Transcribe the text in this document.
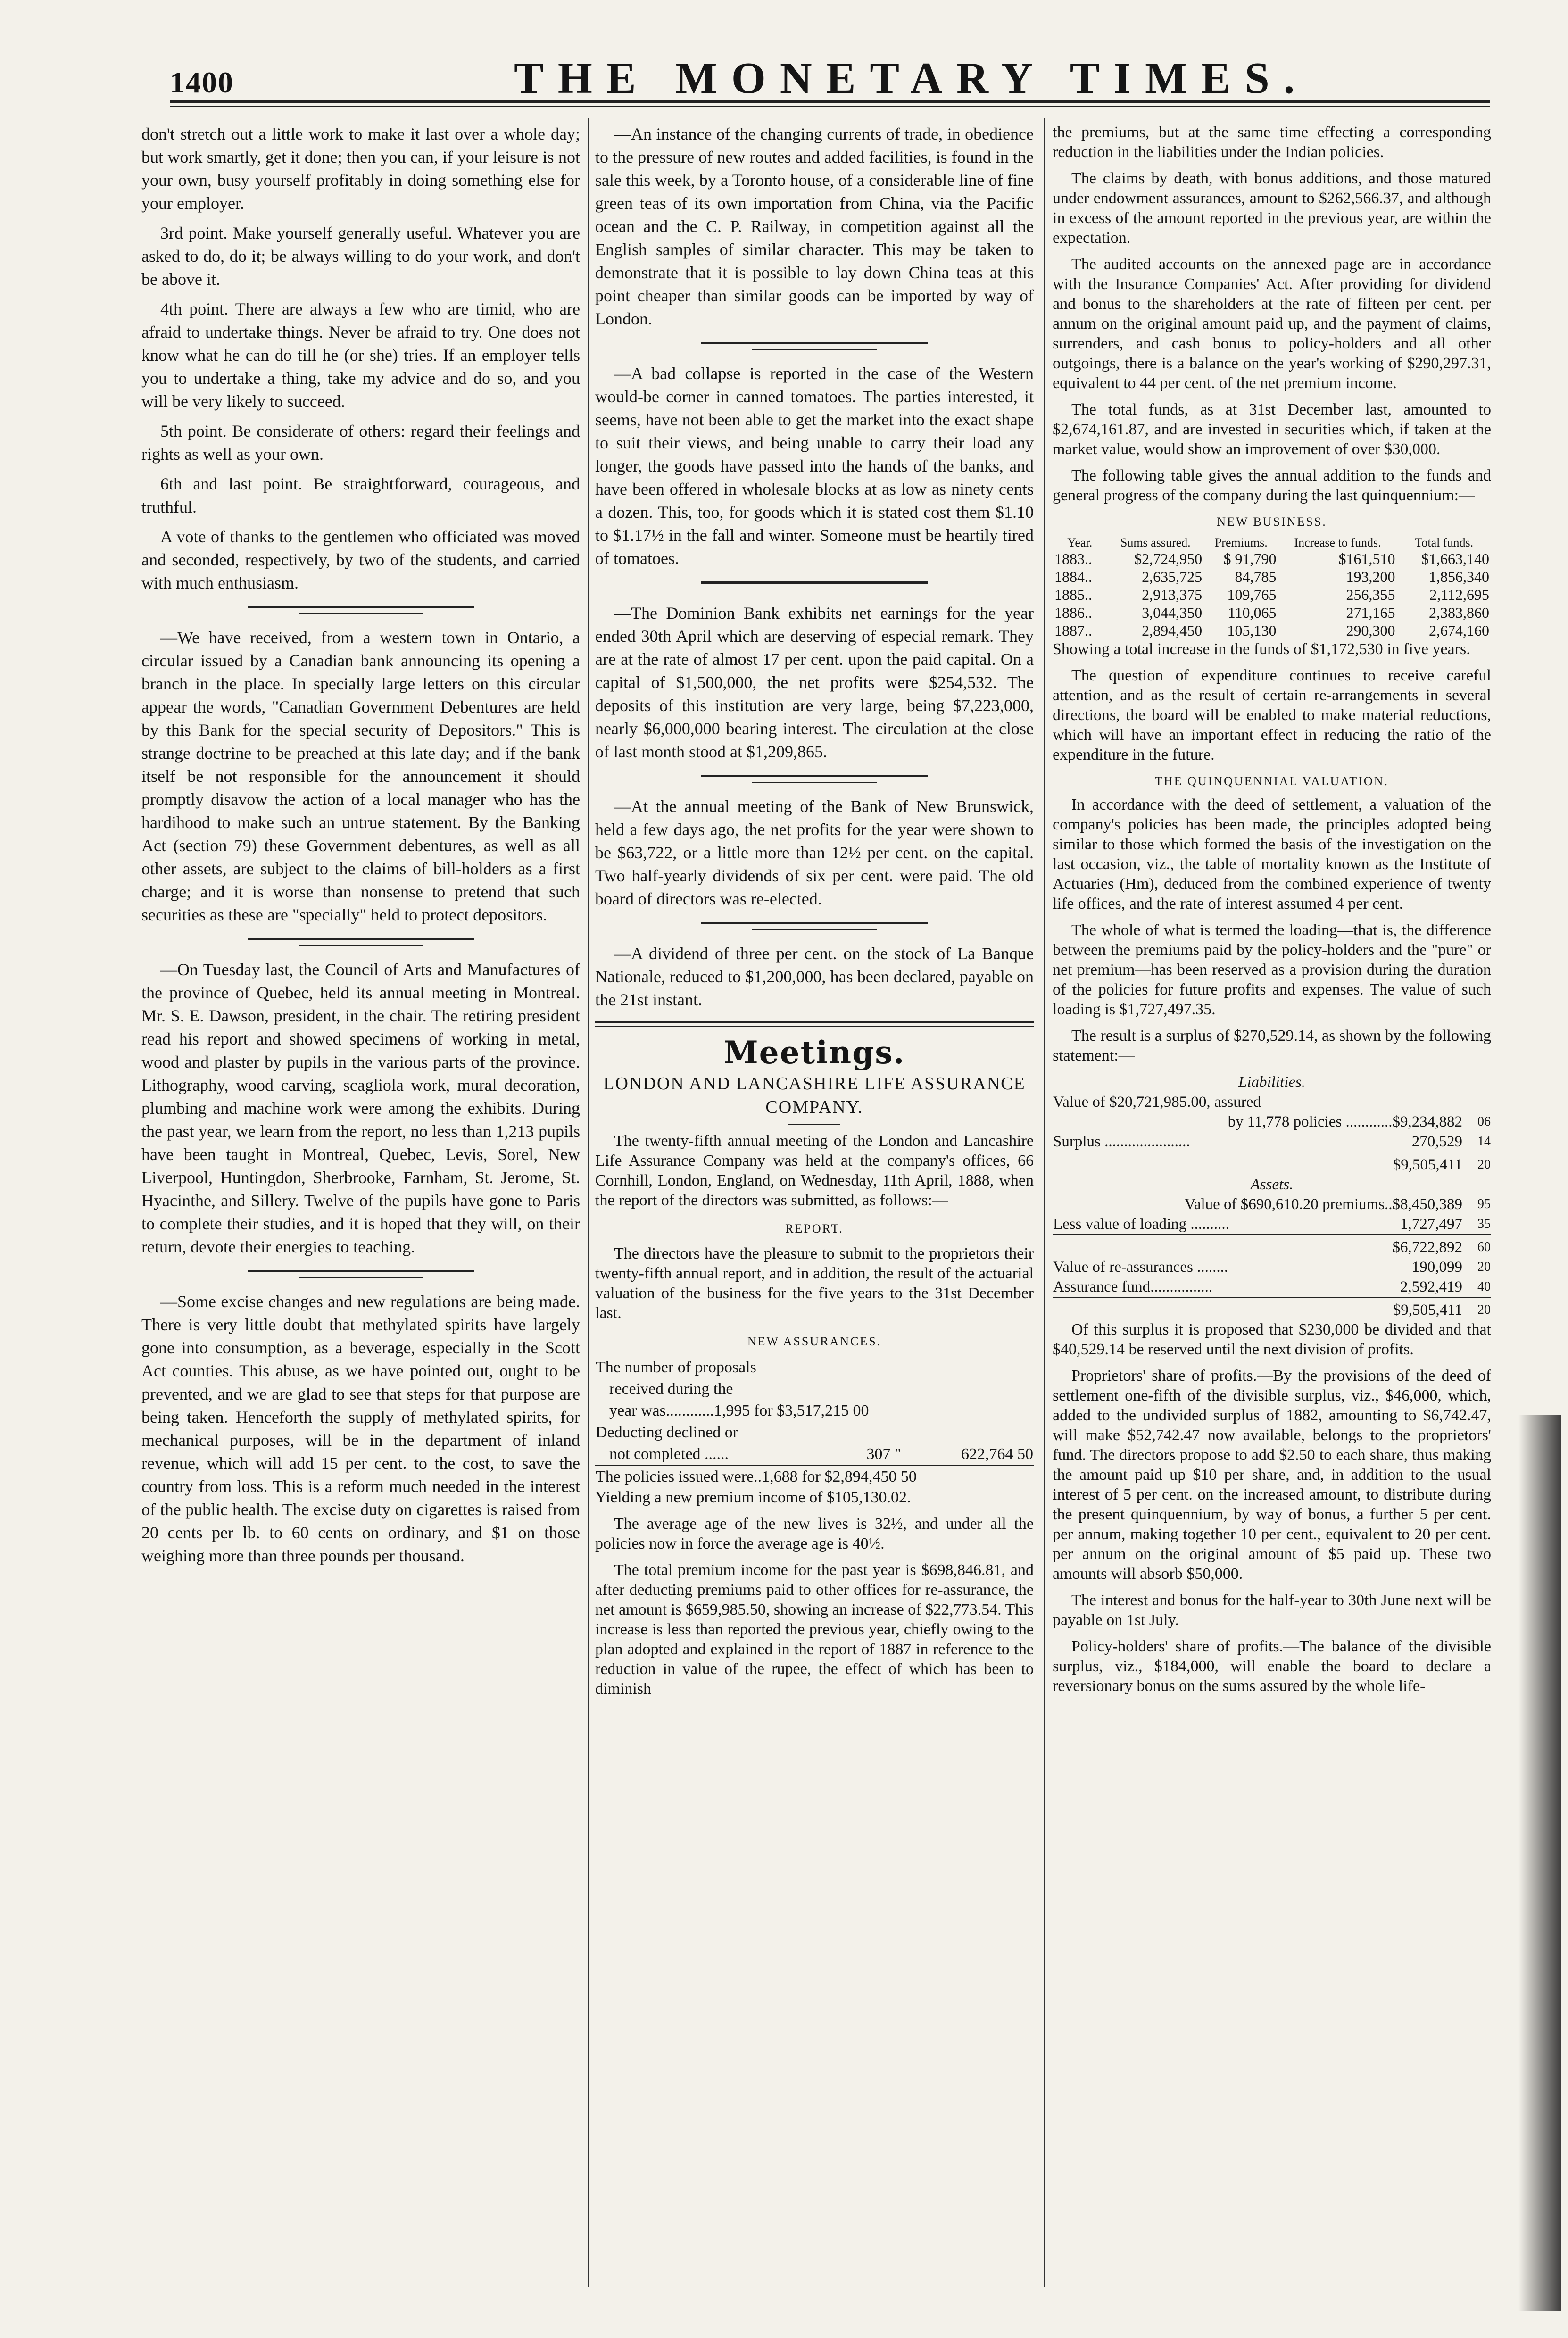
1400	THE MONETARY TIMES.

don't stretch out a little work to make it last over a whole day; but work smartly, get it done; then you can, if your leisure is not your own, busy yourself profitably in doing something else for your employer.

3rd point. Make yourself generally useful. Whatever you are asked to do, do it; be always willing to do your work, and don't be above it.

4th point. There are always a few who are timid, who are afraid to undertake things. Never be afraid to try. One does not know what he can do till he (or she) tries. If an employer tells you to undertake a thing, take my advice and do so, and you will be very likely to succeed.

5th point. Be considerate of others: regard their feelings and rights as well as your own.

6th and last point. Be straightforward, courageous, and truthful.

A vote of thanks to the gentlemen who officiated was moved and seconded, respectively, by two of the students, and carried with much enthusiasm.

—We have received, from a western town in Ontario, a circular issued by a Canadian bank announcing its opening a branch in the place. In specially large letters on this circular appear the words, "Canadian Government Debentures are held by this Bank for the special security of Depositors." This is strange doctrine to be preached at this late day; and if the bank itself be not responsible for the announcement it should promptly disavow the action of a local manager who has the hardihood to make such an untrue statement. By the Banking Act (section 79) these Government debentures, as well as all other assets, are subject to the claims of bill-holders as a first charge; and it is worse than nonsense to pretend that such securities as these are "specially" held to protect depositors.

—On Tuesday last, the Council of Arts and Manufactures of the province of Quebec, held its annual meeting in Montreal. Mr. S. E. Dawson, president, in the chair. The retiring president read his report and showed specimens of working in metal, wood and plaster by pupils in the various parts of the province. Lithography, wood carving, scagliola work, mural decoration, plumbing and machine work were among the exhibits. During the past year, we learn from the report, no less than 1,213 pupils have been taught in Montreal, Quebec, Levis, Sorel, New Liverpool, Huntingdon, Sherbrooke, Farnham, St. Jerome, St. Hyacinthe, and Sillery. Twelve of the pupils have gone to Paris to complete their studies, and it is hoped that they will, on their return, devote their energies to teaching.

—Some excise changes and new regulations are being made. There is very little doubt that methylated spirits have largely gone into consumption, as a beverage, especially in the Scott Act counties. This abuse, as we have pointed out, ought to be prevented, and we are glad to see that steps for that purpose are being taken. Henceforth the supply of methylated spirits, for mechanical purposes, will be in the department of inland revenue, which will add 15 per cent. to the cost, to save the country from loss. This is a reform much needed in the interest of the public health. The excise duty on cigarettes is raised from 20 cents per lb. to 60 cents on ordinary, and $1 on those weighing more than three pounds per thousand.

—An instance of the changing currents of trade, in obedience to the pressure of new routes and added facilities, is found in the sale this week, by a Toronto house, of a considerable line of fine green teas of its own importation from China, via the Pacific ocean and the C. P. Railway, in competition against all the English samples of similar character. This may be taken to demonstrate that it is possible to lay down China teas at this point cheaper than similar goods can be imported by way of London.

—A bad collapse is reported in the case of the Western would-be corner in canned tomatoes. The parties interested, it seems, have not been able to get the market into the exact shape to suit their views, and being unable to carry their load any longer, the goods have passed into the hands of the banks, and have been offered in wholesale blocks at as low as ninety cents a dozen. This, too, for goods which it is stated cost them $1.10 to $1.17½ in the fall and winter. Someone must be heartily tired of tomatoes.

—The Dominion Bank exhibits net earnings for the year ended 30th April which are deserving of especial remark. They are at the rate of almost 17 per cent. upon the paid capital. On a capital of $1,500,000, the net profits were $254,532. The deposits of this institution are very large, being $7,223,000, nearly $6,000,000 bearing interest. The circulation at the close of last month stood at $1,209,865.

—At the annual meeting of the Bank of New Brunswick, held a few days ago, the net profits for the year were shown to be $63,722, or a little more than 12½ per cent. on the capital. Two half-yearly dividends of six per cent. were paid. The old board of directors was re-elected.

—A dividend of three per cent. on the stock of La Banque Nationale, reduced to $1,200,000, has been declared, payable on the 21st instant.

Meetings.
LONDON AND LANCASHIRE LIFE ASSURANCE COMPANY.

The twenty-fifth annual meeting of the London and Lancashire Life Assurance Company was held at the company's offices, 66 Cornhill, London, England, on Wednesday, 11th April, 1888, when the report of the directors was submitted, as follows:—

REPORT.

The directors have the pleasure to submit to the proprietors their twenty-fifth annual report, and in addition, the result of the actuarial valuation of the business for the five years to the 31st December last.

NEW ASSURANCES.
The number of proposals
received during the
year was............1,995 for $3,517,215 00
Deducting declined or
not completed ......	307 "	622,764 50
The policies issued were..1,688 for $2,894,450 50

Yielding a new premium income of $105,130.02.

The average age of the new lives is 32½, and under all the policies now in force the average age is 40½.

The total premium income for the past year is $698,846.81, and after deducting premiums paid to other offices for re-assurance, the net amount is $659,985.50, showing an increase of $22,773.54. This increase is less than reported the previous year, chiefly owing to the plan adopted and explained in the report of 1887 in reference to the reduction in value of the rupee, the effect of which has been to diminish

the premiums, but at the same time effecting a corresponding reduction in the liabilities under the Indian policies.

The claims by death, with bonus additions, and those matured under endowment assurances, amount to $262,566.37, and although in excess of the amount reported in the previous year, are within the expectation.

The audited accounts on the annexed page are in accordance with the Insurance Companies' Act. After providing for dividend and bonus to the shareholders at the rate of fifteen per cent. per annum on the original amount paid up, and the payment of claims, surrenders, and cash bonus to policy-holders and all other outgoings, there is a balance on the year's working of $290,297.31, equivalent to 44 per cent. of the net premium income.

The total funds, as at 31st December last, amounted to $2,674,161.87, and are invested in securities which, if taken at the market value, would show an improvement of over $30,000.

The following table gives the annual addition to the funds and general progress of the company during the last quinquennium:—

NEW BUSINESS.
Year.	Sums assured.	Premiums.	Increase to funds.	Total funds.
1883..	$2,724,950	$ 91,790	$161,510	$1,663,140
1884..	2,635,725	84,785	193,200	1,856,340
1885..	2,913,375	109,765	256,355	2,112,695
1886..	3,044,350	110,065	271,165	2,383,860
1887..	2,894,450	105,130	290,300	2,674,160

Showing a total increase in the funds of $1,172,530 in five years.

The question of expenditure continues to receive careful attention, and as the result of certain re-arrangements in several directions, the board will be enabled to make material reductions, which will have an important effect in reducing the ratio of the expenditure in the future.

THE QUINQUENNIAL VALUATION.

In accordance with the deed of settlement, a valuation of the company's policies has been made, the principles adopted being similar to those which formed the basis of the investigation on the last occasion, viz., the table of mortality known as the Institute of Actuaries (Hm), deduced from the combined experience of twenty life offices, and the rate of interest assumed 4 per cent.

The whole of what is termed the loading—that is, the difference between the premiums paid by the policy-holders and the "pure" or net premium—has been reserved as a provision during the duration of the policies for future profits and expenses. The value of such loading is $1,727,497.35.

The result is a surplus of $270,529.14, as shown by the following statement:—

Liabilities.		
Value of $20,721,985.00, assured		
by 11,778 policies ............$9,234,882		06
Surplus ......................	270,529	14
	$9,505,411	20
Assets.		
Value of $690,610.20 premiums..$8,450,389		95
Less value of loading ..........	1,727,497	35
	$6,722,892	60
Value of re-assurances ........	190,099	20
Assurance fund................	2,592,419	40
	$9,505,411	20

Of this surplus it is proposed that $230,000 be divided and that $40,529.14 be reserved until the next division of profits.

Proprietors' share of profits.—By the provisions of the deed of settlement one-fifth of the divisible surplus, viz., $46,000, which, added to the undivided surplus of 1882, amounting to $6,742.47, will make $52,742.47 now available, belongs to the proprietors' fund. The directors propose to add $2.50 to each share, thus making the amount paid up $10 per share, and, in addition to the usual interest of 5 per cent. on the increased amount, to distribute during the present quinquennium, by way of bonus, a further 5 per cent. per annum, making together 10 per cent., equivalent to 20 per cent. per annum on the original amount of $5 paid up. These two amounts will absorb $50,000.

The interest and bonus for the half-year to 30th June next will be payable on 1st July.

Policy-holders' share of profits.—The balance of the divisible surplus, viz., $184,000, will enable the board to declare a reversionary bonus on the sums assured by the whole life-
